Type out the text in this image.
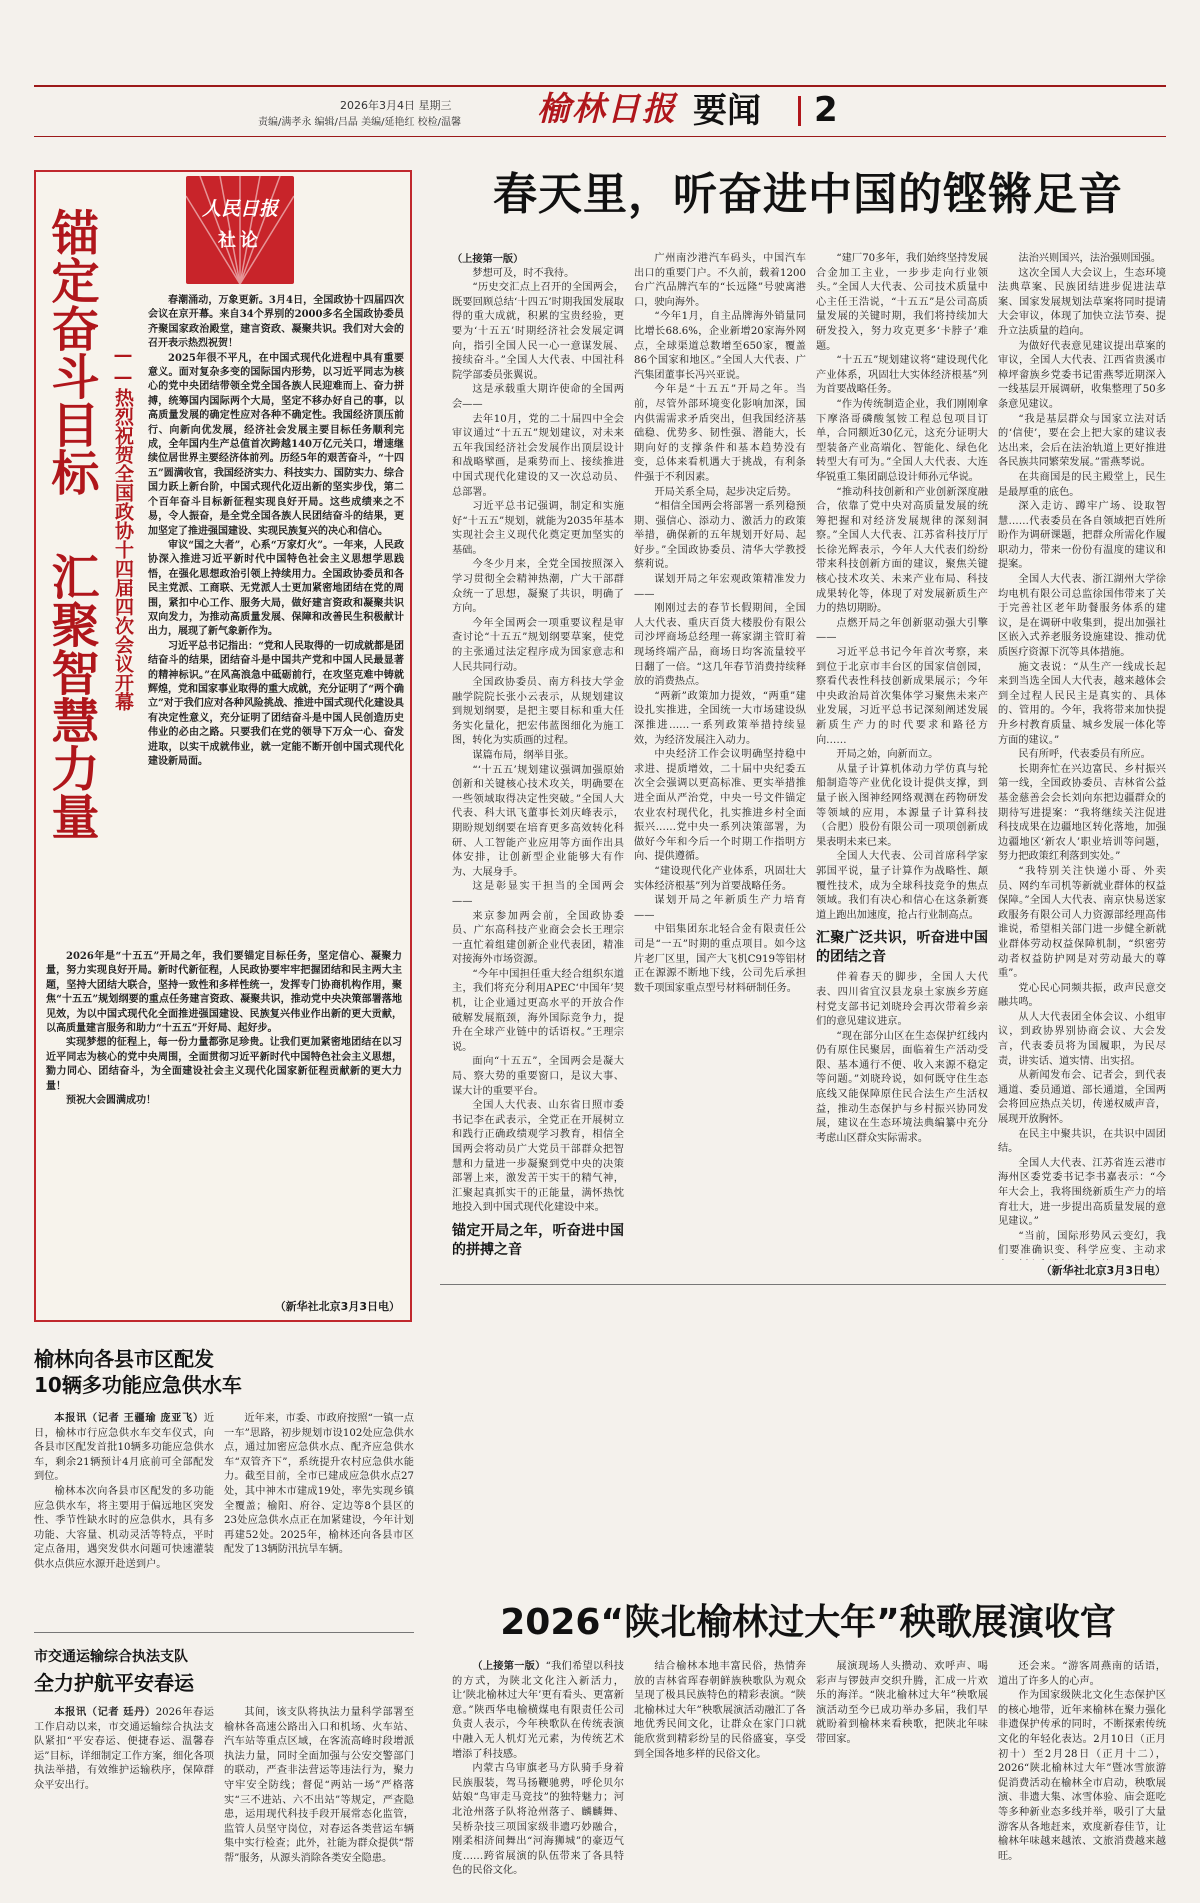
2026年3月4日 星期三
责编/满孝永 编辑/吕晶 美编/延艳红 校检/温馨	榆林日报 要闻 2
人民日报
社论
锚定奋斗目标 ——热烈祝贺全国政协十四届四次会议开幕
汇聚智慧力量

春潮涌动，万象更新。3月4日，全国政协十四届四次会议在京开幕。来自34个界别的2000多名全国政协委员齐聚国家政治殿堂，建言资政、凝聚共识。我们对大会的召开表示热烈祝贺！

2025年很不平凡，在中国式现代化进程中具有重要意义。面对复杂多变的国际国内形势，以习近平同志为核心的党中央团结带领全党全国各族人民迎难而上、奋力拼搏，统筹国内国际两个大局，坚定不移办好自己的事，以高质量发展的确定性应对各种不确定性。我国经济顶压前行、向新向优发展，经济社会发展主要目标任务顺利完成，全年国内生产总值首次跨越140万亿元关口，增速继续位居世界主要经济体前列。历经5年的艰苦奋斗，“十四五”圆满收官，我国经济实力、科技实力、国防实力、综合国力跃上新台阶，中国式现代化迈出新的坚实步伐，第二个百年奋斗目标新征程实现良好开局。这些成绩来之不易，令人振奋，是全党全国各族人民团结奋斗的结果，更加坚定了推进强国建设、实现民族复兴的决心和信心。

审议“国之大者”，心系“万家灯火”。一年来，人民政协深入推进习近平新时代中国特色社会主义思想学思践悟，在强化思想政治引领上持续用力。全国政协委员和各民主党派、工商联、无党派人士更加紧密地团结在党的周围，紧扣中心工作、服务大局，做好建言资政和凝聚共识双向发力，为推动高质量发展、保障和改善民生积极献计出力，展现了新气象新作为。

习近平总书记指出：“党和人民取得的一切成就都是团结奋斗的结果，团结奋斗是中国共产党和中国人民最显著的精神标识。”在风高浪急中砥砺前行，在攻坚克难中铸就辉煌，党和国家事业取得的重大成就，充分证明了“两个确立”对于我们应对各种风险挑战、推进中国式现代化建设具有决定性意义，充分证明了团结奋斗是中国人民创造历史伟业的必由之路。只要我们在党的领导下万众一心、奋发进取，以实干成就伟业，就一定能不断开创中国式现代化建设新局面。

2026年是“十五五”开局之年，我们要锚定目标任务，坚定信心、凝聚力量，努力实现良好开局。新时代新征程，人民政协要牢牢把握团结和民主两大主题，坚持大团结大联合，坚持一致性和多样性统一，发挥专门协商机构作用，聚焦“十五五”规划纲要的重点任务建言资政、凝聚共识，推动党中央决策部署落地见效，为以中国式现代化全面推进强国建设、民族复兴伟业作出新的更大贡献，以高质量建言服务和助力“十五五”开好局、起好步。

实现梦想的征程上，每一份力量都弥足珍贵。让我们更加紧密地团结在以习近平同志为核心的党中央周围，全面贯彻习近平新时代中国特色社会主义思想，勠力同心、团结奋斗，为全面建设社会主义现代化国家新征程贡献新的更大力量！

预祝大会圆满成功！

（新华社北京3月3日电）
春天里，听奋进中国的铿锵足音

（上接第一版）

梦想可及，时不我待。

“历史交汇点上召开的全国两会，既要回顾总结‘十四五’时期我国发展取得的重大成就，积累的宝贵经验，更要为‘十五五’时期经济社会发展定调向，指引全国人民一心一意谋发展、接续奋斗。”全国人大代表、中国社科院学部委员张翼说。

这是承载重大期许使命的全国两会——

去年10月，党的二十届四中全会审议通过“十五五”规划建议，对未来五年我国经济社会发展作出顶层设计和战略擘画，是乘势而上、接续推进中国式现代化建设的又一次总动员、总部署。

习近平总书记强调，制定和实施好“十五五”规划，就能为2035年基本实现社会主义现代化奠定更加坚实的基础。

今冬少月来，全党全国按照深入学习贯彻全会精神热潮，广大干部群众统一了思想，凝聚了共识，明确了方向。

今年全国两会一项重要议程是审查讨论“十五五”规划纲要草案，使党的主张通过法定程序成为国家意志和人民共同行动。

全国政协委员、南方科技大学金融学院院长张小云表示，从规划建议到规划纲要，是把主要目标和重大任务实化量化，把宏伟蓝图细化为施工图，转化为实质画的过程。

谋篇布局，纲举目张。

“‘十五五’规划建议强调加强原始创新和关键核心技术攻关，明确要在一些领域取得决定性突破。”全国人大代表、科大讯飞董事长刘庆峰表示，期盼规划纲要在培育更多高效转化科研、人工智能产业应用等方面作出具体安排，让创新型企业能够大有作为、大展身手。

这是彰显实干担当的全国两会——

来京参加两会前，全国政协委员、广东高科技产业商会会长王理宗一直忙着组建创新企业代表团，精准对接海外市场资源。

“今年中国担任重大经合组织东道主，我们将充分利用APEC‘中国年’契机，让企业通过更高水平的开放合作破解发展瓶颈，海外国际竞争力，提升在全球产业链中的话语权。”王理宗说。

面向“十五五”，全国两会是凝大局、察大势的重要窗口，是议大事、谋大计的重要平台。

全国人大代表、山东省日照市委书记李在武表示，全党正在开展树立和践行正确政绩观学习教育，相信全国两会将动员广大党员干部群众把智慧和力量进一步凝聚到党中央的决策部署上来，激发苦干实干的精气神，汇聚起真抓实干的正能量，满怀热忱地投入到中国式现代化建设中来。

锚定开局之年，听奋进中国的拼搏之音

广州南沙港汽车码头，中国汽车出口的重要门户。不久前，载着1200台广汽品牌汽车的“长远隆”号驶离港口，驶向海外。

“今年1月，自主品牌海外销量同比增长68.6%，企业新增20家海外网点，全球渠道总数增至650家，覆盖86个国家和地区。”全国人大代表、广汽集团董事长冯兴亚说。

今年是“十五五”开局之年。当前，尽管外部环境变化影响加深，国内供需需求矛盾突出，但我国经济基础稳、优势多、韧性强、潜能大，长期向好的支撑条件和基本趋势没有变，总体来看机遇大于挑战，有利条件强于不利因素。

开局关系全局，起步决定后势。

“相信全国两会将部署一系列稳预期、强信心、添动力、激活力的政策举措，确保新的五年规划开好局、起好步。”全国政协委员、清华大学教授蔡莉说。

谋划开局之年宏观政策精准发力——

刚刚过去的春节长假期间，全国人大代表、重庆百货大楼股份有限公司沙坪商场总经理一蒋家湖主管盯着现场终端产品，商场日均客流量较平日翻了一倍。“这几年春节消费持续释放的消费热点。

“两新”政策加力提效，“两重”建设扎实推进，全国统一大市场建设纵深推进……一系列政策举措持续显效，为经济发展注入动力。

中央经济工作会议明确坚持稳中求进、提质增效，二十届中央纪委五次全会强调以更高标准、更实举措推进全面从严治党，中央一号文件锚定农业农村现代化，扎实推进乡村全面振兴……党中央一系列决策部署，为做好今年和今后一个时期工作指明方向、提供遵循。

“建设现代化产业体系，巩固壮大实体经济根基”列为首要战略任务。

谋划开局之年新质生产力培育——

中铝集团东北轻合金有限责任公司是“一五”时期的重点项目。如今这片老厂区里，国产大飞机C919等铝材正在源源不断地下线，公司先后承担数千项国家重点型号材料研制任务。

“建厂70多年，我们始终坚持发展合金加工主业，一步步走向行业领头。”全国人大代表、公司技术质量中心主任王浩说，“十五五”是公司高质量发展的关键时期，我们将持续加大研发投入，努力攻克更多‘卡脖子’难题。

“十五五”规划建议将“建设现代化产业体系，巩固壮大实体经济根基”列为首要战略任务。

“作为传统制造企业，我们刚刚拿下摩洛哥磷酸氢铵工程总包项目订单，合同额近30亿元，这充分证明大型装备产业高端化、智能化、绿色化转型大有可为。”全国人大代表、大连华锐重工集团副总设计师孙元华说。

“推动科技创新和产业创新深度融合，依靠了党中央对高质量发展的统筹把握和对经济发展规律的深刻洞察。”全国人大代表、江苏省科技厅厅长徐光辉表示，今年人大代表们纷纷带来科技创新方面的建议，聚焦关键核心技术攻关、未来产业布局、科技成果转化等，体现了对发展新质生产力的热切期盼。

点燃开局之年创新驱动强大引擎——

习近平总书记今年首次考察，来到位于北京市丰台区的国家信创园，察看代表性科技创新成果展示；今年中央政治局首次集体学习聚焦未来产业发展，习近平总书记深刻阐述发展新质生产力的时代要求和路径方向……

开局之始，向新而立。

从量子计算机体动力学仿真与轮船制造等产业优化设计提供支撑，到量子嵌入图神经网络观测在药物研发等领域的应用，本源量子计算科技（合肥）股份有限公司一项项创新成果表明未来已来。

全国人大代表、公司首席科学家郭国平说，量子计算作为战略性、颠覆性技术，成为全球科技竞争的焦点领域。我们有决心和信心在这条新赛道上跑出加速度，抢占行业制高点。

汇聚广泛共识，听奋进中国的团结之音

伴着春天的脚步，全国人大代表、四川省宜汉县龙泉土家族乡芳庭村党支部书记刘晓玲会再次带着乡亲们的意见建议进京。

“现在部分山区在生态保护红线内仍有原住民聚居，面临着生产活动受限、基本通行不便、收入来源不稳定等问题。”刘晓玲说，如何既守住生态底线又能保障原住民合法生产生活权益，推动生态保护与乡村振兴协同发展，建议在生态环境法典编纂中充分考虑山区群众实际需求。

法治兴则国兴，法治强则国强。

这次全国人大会议上，生态环境法典草案、民族团结进步促进法草案、国家发展规划法草案将同时提请大会审议，体现了加快立法节奏、提升立法质量的趋向。

为做好代表意见建议提出草案的审议，全国人大代表、江西省贵溪市樟坪畲族乡党委书记雷燕琴近期深入一线基层开展调研，收集整理了50多条意见建议。

“我是基层群众与国家立法对话的‘信使’，要在会上把大家的建议表达出来，会后在法治轨道上更好推进各民族共同繁荣发展。”雷燕琴说。

在共商国是的民主殿堂上，民生是最厚重的底色。

深入走访、蹲牢广场、设取智慧……代表委员在各自领域把百姓所盼作为调研课题，把群众所需化作履职动力，带来一份份有温度的建议和提案。

全国人大代表、浙江湖州大学徐均电机有限公司总监徐国伟带来了关于完善社区老年助餐服务体系的建议，是在调研中收集到，提出加强社区嵌入式养老服务设施建设、推动优质医疗资源下沉等具体措施。

施文表说：“从生产一线成长起来到当选全国人大代表，越来越体会到全过程人民民主是真实的、具体的、管用的。今年，我将带来加快提升乡村教育质量、城乡发展一体化等方面的建议。”

民有所呼，代表委员有所应。

长期奔忙在兴边富民、乡村振兴第一线，全国政协委员、吉林省公益基金慈善会会长刘向东把边疆群众的期待写进提案：“我将继续关注促进科技成果在边疆地区转化落地，加强边疆地区‘新农人’职业培训等问题，努力把政策红利落到实处。”

“我特别关注快递小哥、外卖员、网约车司机等新就业群体的权益保障。”全国人大代表、南京快易送家政服务有限公司人力资源部经理高伟谁说，希望相关部门进一步健全新就业群体劳动权益保障机制，“织密劳动者权益防护网是对劳动最大的尊重”。

党心民心同频共振，政声民意交融共鸣。

从人大代表团全体会议、小组审议，到政协界别协商会议、大会发言，代表委员将为国履职，为民尽责，讲实话、道实情、出实招。

从新闻发布会、记者会，到代表通道、委员通道、部长通道，全国两会将回应热点关切，传递权威声音，展现开放胸怀。

在民主中聚共识，在共识中固团结。

全国人大代表、江苏省连云港市海州区委党委书记李书嘉表示：“今年大会上，我将围绕新质生产力的培育壮大，进一步提出高质量发展的意见建议。”

“当前，国际形势风云变幻，我们要准确识变、科学应变、主动求

（新华社北京3月3日电）
榆林向各县市区配发
10辆多功能应急供水车

本报讯（记者 王疆瑜 庞亚飞）近日，榆林市行应急供水车交车仪式，向各县市区配发首批10辆多功能应急供水车，剩余21辆预计4月底前可全部配发到位。

榆林本次向各县市区配发的多功能应急供水车，将主要用于偏远地区突发性、季节性缺水时的应急供水，具有多功能、大容量、机动灵活等特点，平时定点备用，遇突发供水问题可快速灌装供水点供应水源开赴送到户。

近年来，市委、市政府按照“一镇一点一车”思路，初步规划市设102处应急供水点，通过加密应急供水点、配齐应急供水车“双管齐下”，系统提升农村应急供水能力。截至目前，全市已建成应急供水点27处，其中神木市建成19处，率先实现乡镇全覆盖；榆阳、府谷、定边等8个县区的23处应急供水点正在加紧建设，今年计划再建52处。2025年，榆林还向各县市区配发了13辆防汛抗旱车辆。

市交通运输综合执法支队
全力护航平安春运

本报讯（记者 廷丹）2026年春运工作启动以来，市交通运输综合执法支队紧扣“平安春运、便捷春运、温馨春运”目标，详细制定工作方案，细化各项执法举措，有效维护运输秩序，保障群众平安出行。

其间，该支队将执法力量科学部署至榆林各高速公路出入口和机场、火车站、汽车站等重点区域，在客流高峰时段增派执法力量，同时全面加强与公安交警部门的联动，严查非法营运等违法行为，聚力守牢安全防线；督促“两站一场”严格落实“三不进站、六不出站”等规定，严查隐患，运用现代科技手段开展常态化监管，监管人员坚守岗位，对春运各类营运车辆集中实行检查；此外，社能为群众提供“帮帮”服务，从源头消除各类安全隐患。

2026“陕北榆林过大年”秧歌展演收官

（上接第一版）“我们希望以科技的方式，为陕北文化注入新活力，让‘陕北榆林过大年’更有看头、更富新意。”陕西华电榆横煤电有限责任公司负责人表示，今年秧歌队在传统表演中融入无人机灯光元素，为传统艺术增添了科技感。

内蒙古乌审旗老马方队骑手身着民族服装，驾马扬鞭驰骋，呼伦贝尔姑娘“鸟审走马竞技”的独特魅力；河北沧州落子队将沧州落子、麟麟舞、吴桥杂技三项国家级非遗巧妙融合，刚柔相济间舞出“河海狮城”的豪迈气度……跨省展演的队伍带来了各具特色的民俗文化。

结合榆林本地丰富民俗，热情奔放的吉林省珲春朝鲜族秧歌队为观众呈现了极具民族特色的精彩表演。“陕北榆林过大年”秧歌展演活动融汇了各地优秀民间文化，让群众在家门口就能欣赏到精彩纷呈的民俗盛宴，享受到全国各地多样的民俗文化。

展演现场人头攒动、欢呼声、喝彩声与锣鼓声交织升腾，汇成一片欢乐的海洋。“陕北榆林过大年”秧歌展演活动至今已成功举办多届，我们早就盼着到榆林来看秧歌，把陕北年味带回家。

还会来。“游客周燕南的话语，道出了许多人的心声。

作为国家级陕北文化生态保护区的核心地带，近年来榆林在聚力强化非遗保护传承的同时，不断探索传统文化的年轻化表达。2月10日（正月初十）至2月28日（正月十二），2026“陕北榆林过大年”暨冰雪旅游促消费活动在榆林全市启动，秧歌展演、非遗大集、冰雪体验、庙会逛吃等多种新业态多线并举，吸引了大量游客从各地赶来，欢度新春佳节，让榆林年味越来越浓、文旅消费越来越旺。
